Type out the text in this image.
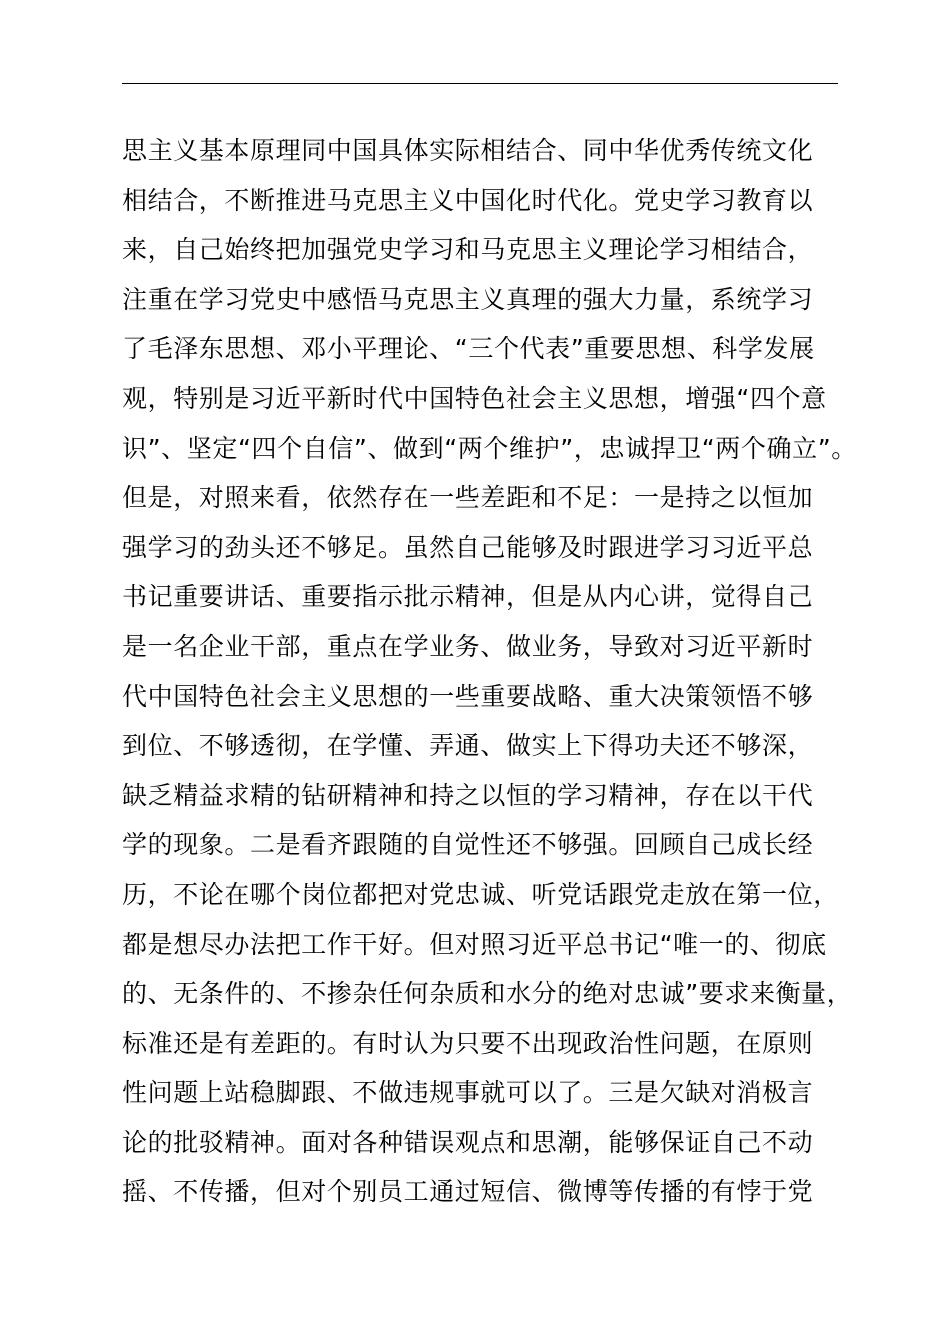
思主义基本原理同中国具体实际相结合、同中华优秀传统文化
相结合，不断推进马克思主义中国化时代化。党史学习教育以
来，自己始终把加强党史学习和马克思主义理论学习相结合，
注重在学习党史中感悟马克思主义真理的强大力量，系统学习
了毛泽东思想、邓小平理论、“三个代表”重要思想、科学发展
观，特别是习近平新时代中国特色社会主义思想，增强“四个意
识”、坚定“四个自信”、做到“两个维护”，忠诚捍卫“两个确立”。
但是，对照来看，依然存在一些差距和不足：一是持之以恒加
强学习的劲头还不够足。虽然自己能够及时跟进学习习近平总
书记重要讲话、重要指示批示精神，但是从内心讲，觉得自己
是一名企业干部，重点在学业务、做业务，导致对习近平新时
代中国特色社会主义思想的一些重要战略、重大决策领悟不够
到位、不够透彻，在学懂、弄通、做实上下得功夫还不够深，
缺乏精益求精的钻研精神和持之以恒的学习精神，存在以干代
学的现象。二是看齐跟随的自觉性还不够强。回顾自己成长经
历，不论在哪个岗位都把对党忠诚、听党话跟党走放在第一位，
都是想尽办法把工作干好。但对照习近平总书记“唯一的、彻底
的、无条件的、不掺杂任何杂质和水分的绝对忠诚”要求来衡量，
标准还是有差距的。有时认为只要不出现政治性问题，在原则
性问题上站稳脚跟、不做违规事就可以了。三是欠缺对消极言
论的批驳精神。面对各种错误观点和思潮，能够保证自己不动
摇、不传播，但对个别员工通过短信、微博等传播的有悖于党
